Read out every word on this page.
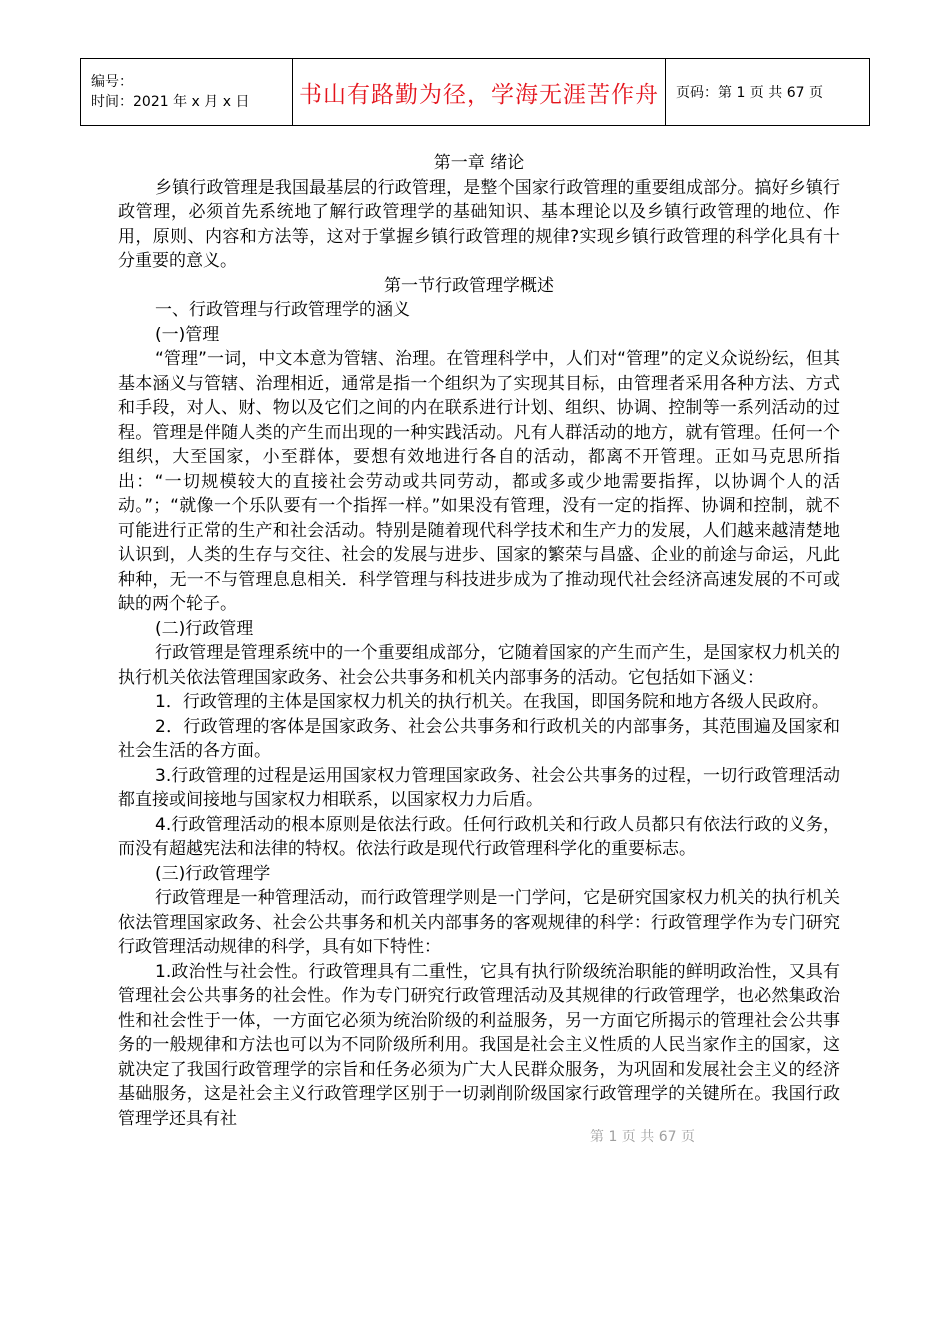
编号：
时间：2021 年 x 月 x 日	书山有路勤为径，学海无涯苦作舟	页码：第 1 页 共 67 页

第一章 绪论

乡镇行政管理是我国最基层的行政管理，是整个国家行政管理的重要组成部分。搞好乡镇行政管理，必须首先系统地了解行政管理学的基础知识、基本理论以及乡镇行政管理的地位、作用，原则、内容和方法等，这对于掌握乡镇行政管理的规律?实现乡镇行政管理的科学化具有十分重要的意义。

第一节行政管理学概述

一、行政管理与行政管理学的涵义

(一)管理

“管理”一词，中文本意为管辖、治理。在管理科学中，人们对“管理”的定义众说纷纭，但其基本涵义与管辖、治理相近，通常是指一个组织为了实现其目标，由管理者采用各种方法、方式和手段，对人、财、物以及它们之间的内在联系进行计划、组织、协调、控制等一系列活动的过程。管理是伴随人类的产生而出现的一种实践活动。凡有人群活动的地方，就有管理。任何一个组织，大至国家，小至群体，要想有效地进行各自的活动，都离不开管理。正如马克思所指出：“一切规模较大的直接社会劳动或共同劳动，都或多或少地需要指挥，以协调个人的活动。”；“就像一个乐队要有一个指挥一样。”如果没有管理，没有一定的指挥、协调和控制，就不可能进行正常的生产和社会活动。特别是随着现代科学技术和生产力的发展，人们越来越清楚地认识到，人类的生存与交往、社会的发展与进步、国家的繁荣与昌盛、企业的前途与命运，凡此种种，无一不与管理息息相关．科学管理与科技进步成为了推动现代社会经济高速发展的不可或缺的两个轮子。

(二)行政管理

行政管理是管理系统中的一个重要组成部分，它随着国家的产生而产生，是国家权力机关的执行机关依法管理国家政务、社会公共事务和机关内部事务的活动。它包括如下涵义：

1．行政管理的主体是国家权力机关的执行机关。在我国，即国务院和地方各级人民政府。

2．行政管理的客体是国家政务、社会公共事务和行政机关的内部事务，其范围遍及国家和社会生活的各方面。

3.行政管理的过程是运用国家权力管理国家政务、社会公共事务的过程，一切行政管理活动都直接或间接地与国家权力相联系，以国家权力力后盾。

4.行政管理活动的根本原则是依法行政。任何行政机关和行政人员都只有依法行政的义务，而没有超越宪法和法律的特权。依法行政是现代行政管理科学化的重要标志。

(三)行政管理学

行政管理是一种管理活动，而行政管理学则是一门学问，它是研究国家权力机关的执行机关依法管理国家政务、社会公共事务和机关内部事务的客观规律的科学：行政管理学作为专门研究行政管理活动规律的科学，具有如下特性：

1.政治性与社会性。行政管理具有二重性，它具有执行阶级统治职能的鲜明政治性，又具有管理社会公共事务的社会性。作为专门研究行政管理活动及其规律的行政管理学，也必然集政治性和社会性于一体，一方面它必须为统治阶级的利益服务，另一方面它所揭示的管理社会公共事务的一般规律和方法也可以为不同阶级所利用。我国是社会主义性质的人民当家作主的国家，这就决定了我国行政管理学的宗旨和任务必须为广大人民群众服务，为巩固和发展社会主义的经济基础服务，这是社会主义行政管理学区别于一切剥削阶级国家行政管理学的关键所在。我国行政管理学还具有社

第 1 页 共 67 页
